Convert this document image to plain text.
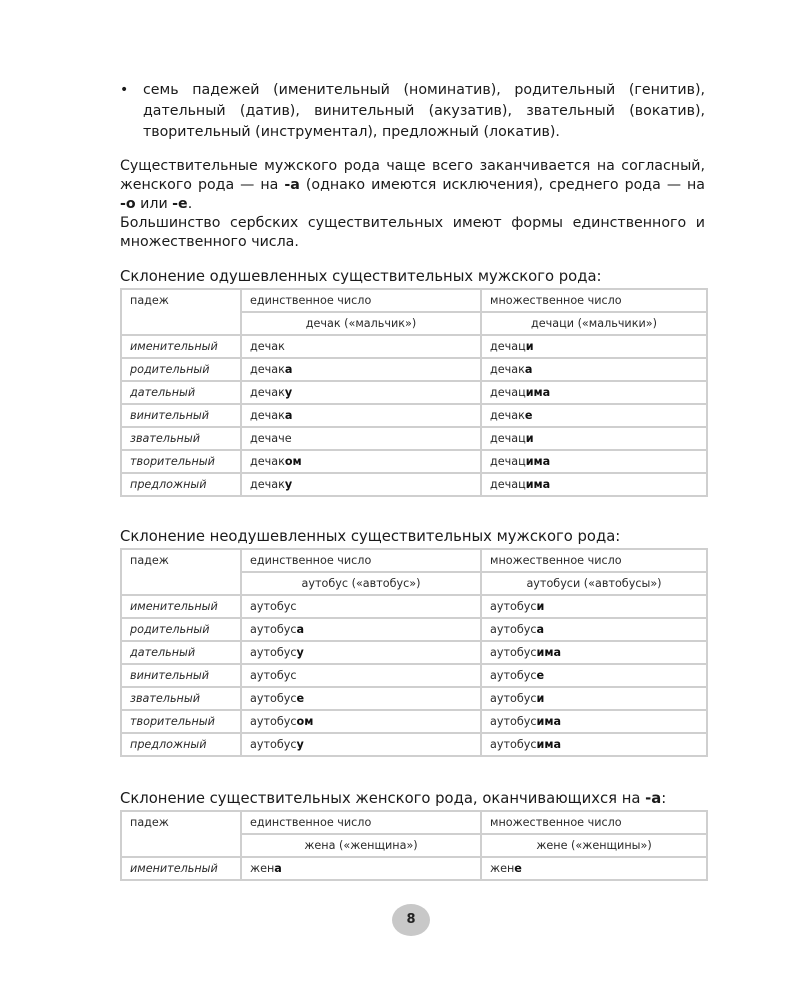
•	семь падежей (именительный (номинатив), родительный (генитив), дательный (датив), винительный (акузатив), звательный (вокатив), творительный (инструментал), предложный (локатив).
Существительные мужского рода чаще всего заканчивается на согласный, женского рода — на -а (однако имеются исключения), среднего рода — на -о или -е.
Большинство сербских существительных имеют формы единственного и множественного числа.
Склонение одушевленных существительных мужского рода:
падеж	единственное число	множественное число
	дечак («мальчик»)	дечаци («мальчики»)
именительный	дечак	дечаци
родительный	дечака	дечака
дательный	дечаку	дечацима
винительный	дечака	дечаке
звательный	дечаче	дечаци
творительный	дечаком	дечацима
предложный	дечаку	дечацима
Склонение неодушевленных существительных мужского рода:
падеж	единственное число	множественное число
	аутобус («автобус»)	аутобуси («автобусы»)
именительный	аутобус	аутобуси
родительный	аутобуса	аутобуса
дательный	аутобусу	аутобусима
винительный	аутобус	аутобусе
звательный	аутобусе	аутобуси
творительный	аутобусом	аутобусима
предложный	аутобусу	аутобусима
Склонение существительных женского рода, оканчивающихся на -а:
падеж	единственное число	множественное число
	жена («женщина»)	жене («женщины»)
именительный	жена	жене
8
